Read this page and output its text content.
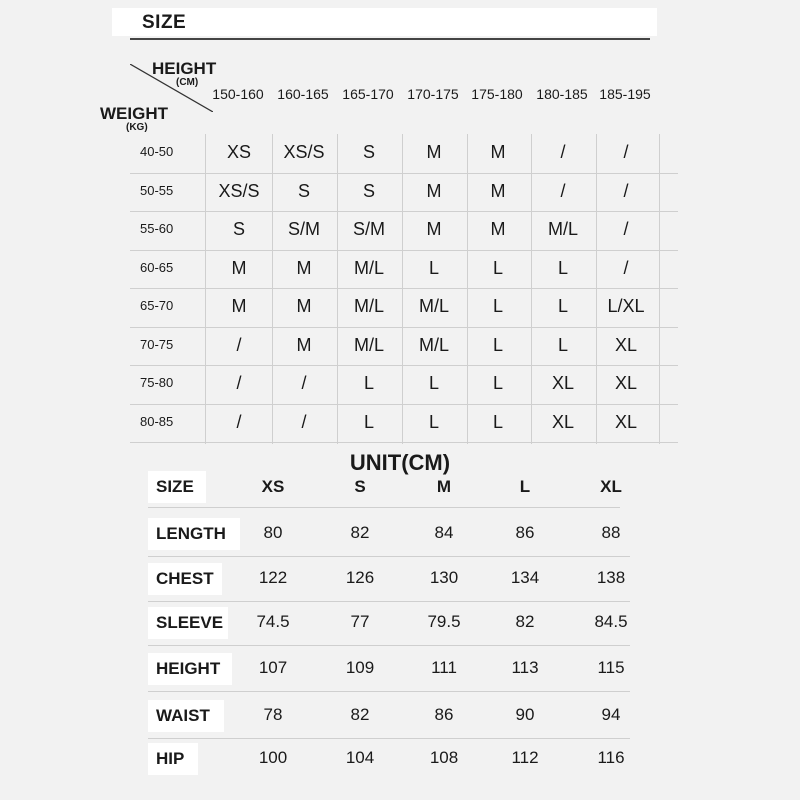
SIZE
HEIGHT
(CM)
WEIGHT
(KG)
150-160 160-165 165-170 170-175 175-180 180-185 185-195
40-50	XS	XS/S	S	M	M	/	/
50-55	XS/S	S	S	M	M	/	/
55-60	S	S/M	S/M	M	M	M/L	/
60-65	M	M	M/L	L	L	L	/
65-70	M	M	M/L	M/L	L	L	L/XL
70-75	/	M	M/L	M/L	L	L	XL
75-80	/	/	L	L	L	XL	XL
80-85	/	/	L	L	L	XL	XL
UNIT(CM)
SIZE	XS	S	M	L	XL
LENGTH	80	82	84	86	88
CHEST	122	126	130	134	138
SLEEVE	74.5	77	79.5	82	84.5
HEIGHT	107	109	111	113	115
WAIST	78	82	86	90	94
HIP	100	104	108	112	116
